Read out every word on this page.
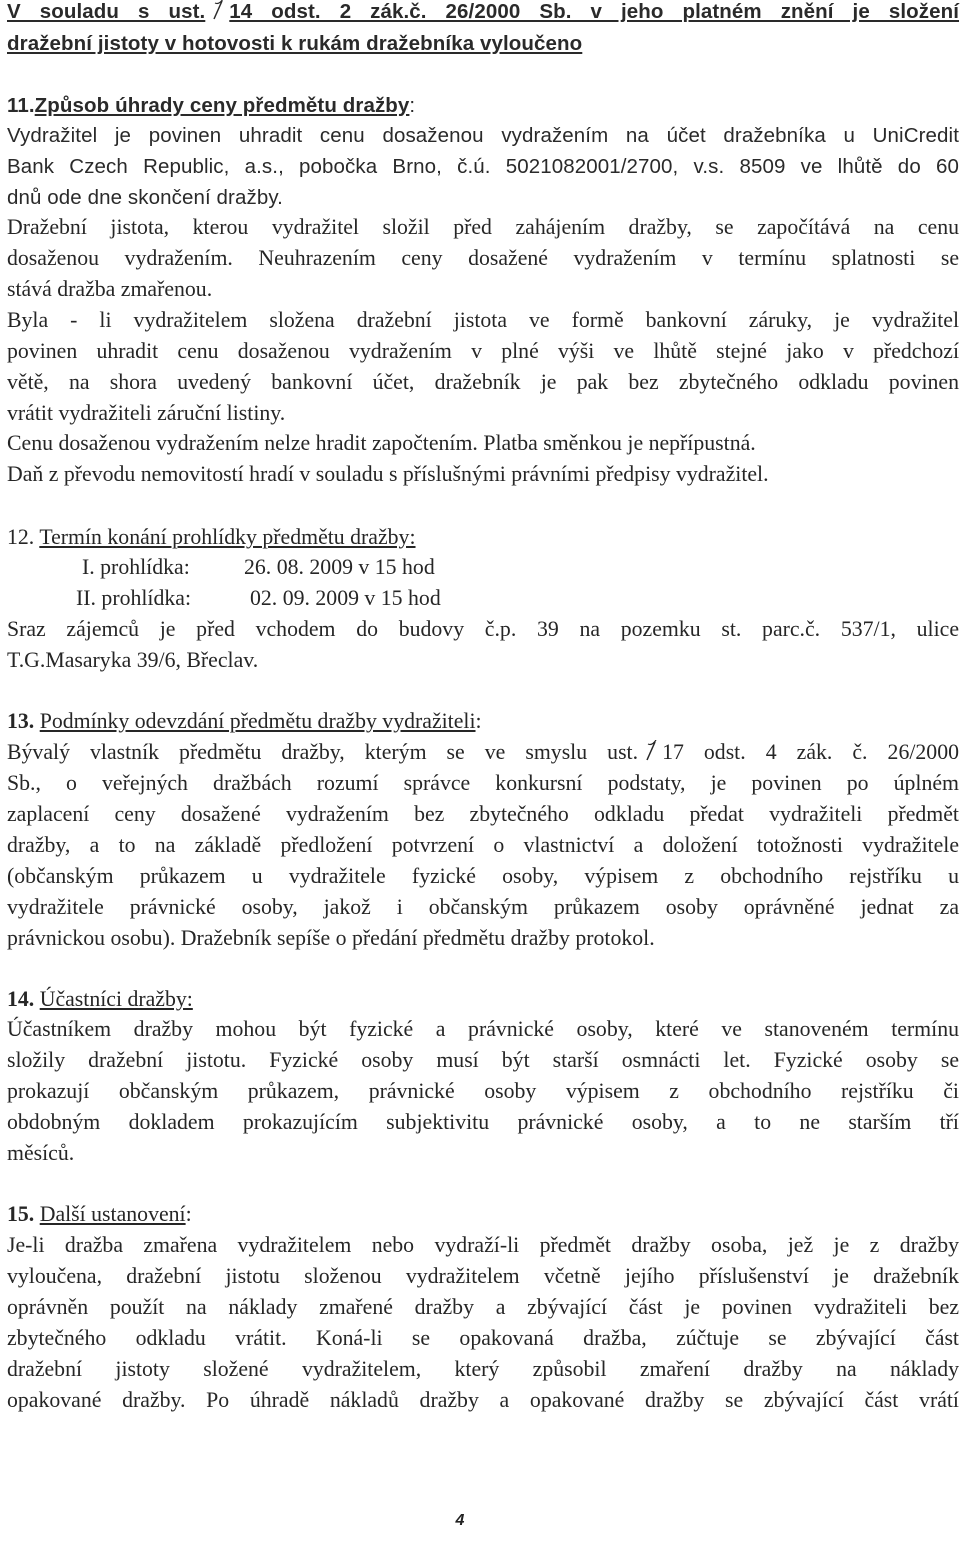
V souladu s ust. 14 odst. 2 zák.č. 26/2000 Sb. v jeho platném znění je složení
dražební jistoty v hotovosti k rukám dražebníka vyloučeno
11.Způsob úhrady ceny předmětu dražby:
Vydražitel je povinen uhradit cenu dosaženou vydražením na účet dražebníka u UniCredit
Bank Czech Republic, a.s., pobočka Brno, č.ú. 5021082001/2700, v.s. 8509 ve lhůtě do 60
dnů ode dne skončení dražby.
Dražební jistota, kterou vydražitel složil před zahájením dražby, se započítává na cenu
dosaženou vydražením. Neuhrazením ceny dosažené vydražením v termínu splatnosti se
stává dražba zmařenou.
Byla - li vydražitelem složena dražební jistota ve formě bankovní záruky, je vydražitel
povinen uhradit cenu dosaženou vydražením v plné výši ve lhůtě stejné jako v předchozí
větě, na shora uvedený bankovní účet, dražebník je pak bez zbytečného odkladu povinen
vrátit vydražiteli záruční listiny.
Cenu dosaženou vydražením nelze hradit započtením. Platba směnkou je nepřípustná.
Daň z převodu nemovitostí hradí v souladu s příslušnými právními předpisy vydražitel.
12. Termín konání prohlídky předmětu dražby:
I. prohlídka: 26. 08. 2009 v 15 hod
II. prohlídka:	02. 09. 2009 v 15 hod
Sraz zájemců je před vchodem do budovy č.p. 39 na pozemku st. parc.č. 537/1, ulice
T.G.Masaryka 39/6, Břeclav.
13. Podmínky odevzdání předmětu dražby vydražiteli:
Bývalý vlastník předmětu dražby, kterým se ve smyslu ust. 17 odst. 4 zák. č. 26/2000
Sb., o veřejných dražbách rozumí správce konkursní podstaty, je povinen po úplném
zaplacení ceny dosažené vydražením bez zbytečného odkladu předat vydražiteli předmět
dražby, a to na základě předložení potvrzení o vlastnictví a doložení totožnosti vydražitele
(občanským průkazem u vydražitele fyzické osoby, výpisem z obchodního rejstříku u
vydražitele právnické osoby, jakož i občanským průkazem osoby oprávněné jednat za
právnickou osobu). Dražebník sepíše o předání předmětu dražby protokol.
14. Účastníci dražby:
Účastníkem dražby mohou být fyzické a právnické osoby, které ve stanoveném termínu
složily dražební jistotu. Fyzické osoby musí být starší osmnácti let. Fyzické osoby se
prokazují občanským průkazem, právnické osoby výpisem z obchodního rejstříku či
obdobným dokladem prokazujícím subjektivitu právnické osoby, a to ne starším tří
měsíců.
15. Další ustanovení:
Je-li dražba zmařena vydražitelem nebo vydraží-li předmět dražby osoba, jež je z dražby
vyloučena, dražební jistotu složenou vydražitelem včetně jejího příslušenství je dražebník
oprávněn použít na náklady zmařené dražby a zbývající část je povinen vydražiteli bez
zbytečného odkladu vrátit. Koná-li se opakovaná dražba, zúčtuje se zbývající část
dražební jistoty složené vydražitelem, který způsobil zmaření dražby na náklady
opakované dražby. Po úhradě nákladů dražby a opakované dražby se zbývající část vrátí
4
